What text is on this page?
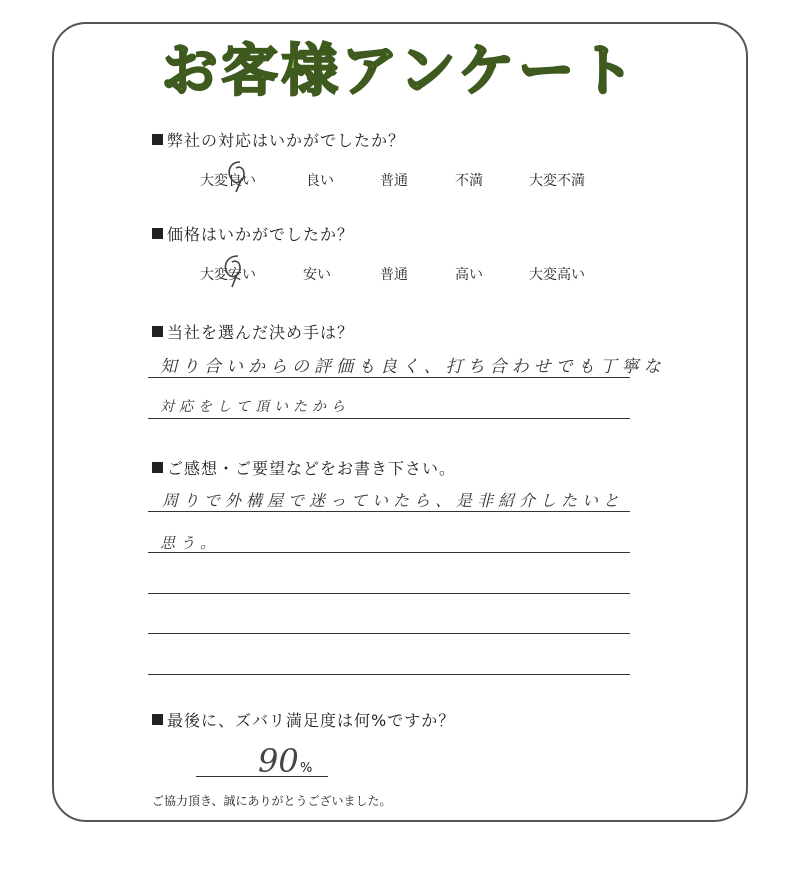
お客様アンケート
弊社の対応はいかがでしたか？
大変良い	良い	普通	不満	大変不満
価格はいかがでしたか？
大変安い	安い	普通	高い	大変高い
当社を選んだ決め手は？
知り合いからの評価も良く、打ち合わせでも丁寧な
対応をして頂いたから
ご感想・ご要望などをお書き下さい。
周りで外構屋で迷っていたら、是非紹介したいと
思う。
最後に、ズバリ満足度は何%ですか？
90 %
ご協力頂き、誠にありがとうございました。
